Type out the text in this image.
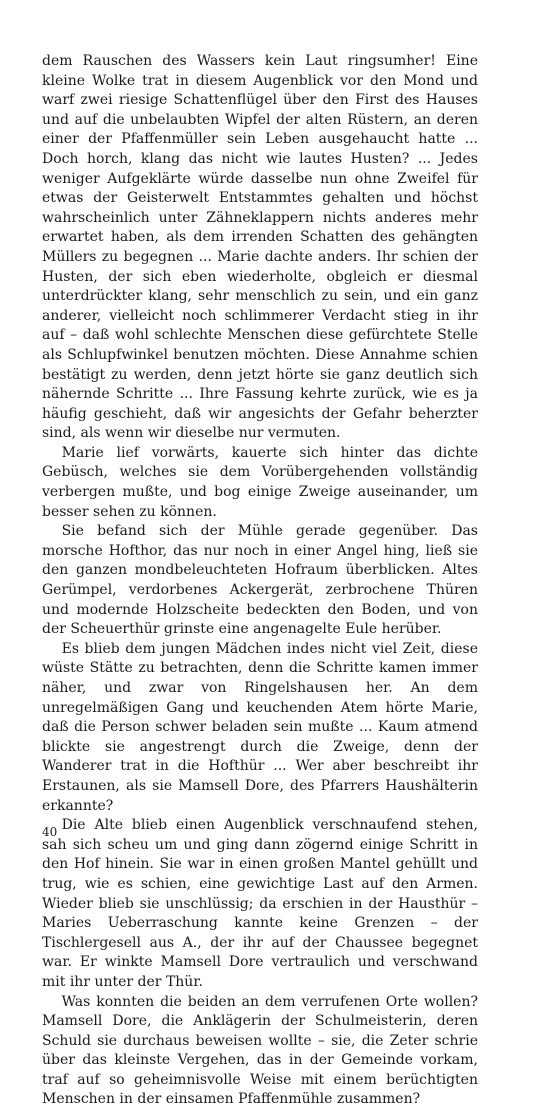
dem Rauschen des Wassers kein Laut ringsumher! Eine kleine Wolke trat in diesem Augenblick vor den Mond und warf zwei riesige Schattenflügel über den First des Hauses und auf die unbelaubten Wipfel der alten Rüstern, an deren einer der Pfaffenmüller sein Leben ausgehaucht hatte ... Doch horch, klang das nicht wie lautes Husten? ... Jedes weniger Aufgeklärte würde dasselbe nun ohne Zweifel für etwas der Geisterwelt Entstammtes gehalten und höchst wahrscheinlich unter Zähneklappern nichts anderes mehr erwartet haben, als dem irrenden Schatten des gehängten Müllers zu begegnen ... Marie dachte anders. Ihr schien der Husten, der sich eben wiederholte, obgleich er diesmal unterdrückter klang, sehr menschlich zu sein, und ein ganz anderer, vielleicht noch schlimmerer Verdacht stieg in ihr auf – daß wohl schlechte Menschen diese gefürchtete Stelle als Schlupfwinkel benutzen möchten. Diese Annahme schien bestätigt zu werden, denn jetzt hörte sie ganz deutlich sich nähernde Schritte ... Ihre Fassung kehrte zurück, wie es ja häufig geschieht, daß wir angesichts der Gefahr beherzter sind, als wenn wir dieselbe nur vermuten.

Marie lief vorwärts, kauerte sich hinter das dichte Gebüsch, welches sie dem Vorübergehenden vollständig verbergen mußte, und bog einige Zweige auseinander, um besser sehen zu können.

Sie befand sich der Mühle gerade gegenüber. Das morsche Hofthor, das nur noch in einer Angel hing, ließ sie den ganzen mondbeleuchteten Hofraum überblicken. Altes Gerümpel, verdorbenes Ackergerät, zerbrochene Thüren und modernde Holzscheite bedeckten den Boden, und von der Scheuerthür grinste eine angenagelte Eule herüber.

Es blieb dem jungen Mädchen indes nicht viel Zeit, diese wüste Stätte zu betrachten, denn die Schritte kamen immer näher, und zwar von Ringelshausen her. An dem unregelmäßigen Gang und keuchenden Atem hörte Marie, daß die Person schwer beladen sein mußte ... Kaum atmend blickte sie angestrengt durch die Zweige, denn der Wanderer trat in die Hofthür ... Wer aber beschreibt ihr Erstaunen, als sie Mamsell Dore, des Pfarrers Haushälterin erkannte?

Die Alte blieb einen Augenblick verschnaufend stehen, sah sich scheu um und ging dann zögernd einige Schritt in den Hof hinein. Sie war in einen großen Mantel gehüllt und trug, wie es schien, eine gewichtige Last auf den Armen. Wieder blieb sie unschlüssig; da erschien in der Hausthür – Maries Ueberraschung kannte keine Grenzen – der Tischlergesell aus A., der ihr auf der Chaussee begegnet war. Er winkte Mamsell Dore vertraulich und verschwand mit ihr unter der Thür.

Was konnten die beiden an dem verrufenen Orte wollen? Mamsell Dore, die Anklägerin der Schulmeisterin, deren Schuld sie durchaus beweisen wollte – sie, die Zeter schrie über das kleinste Vergehen, das in der Gemeinde vorkam, traf auf so geheimnisvolle Weise mit einem berüchtigten Menschen in der einsamen Pfaffenmühle zusammen?

40
